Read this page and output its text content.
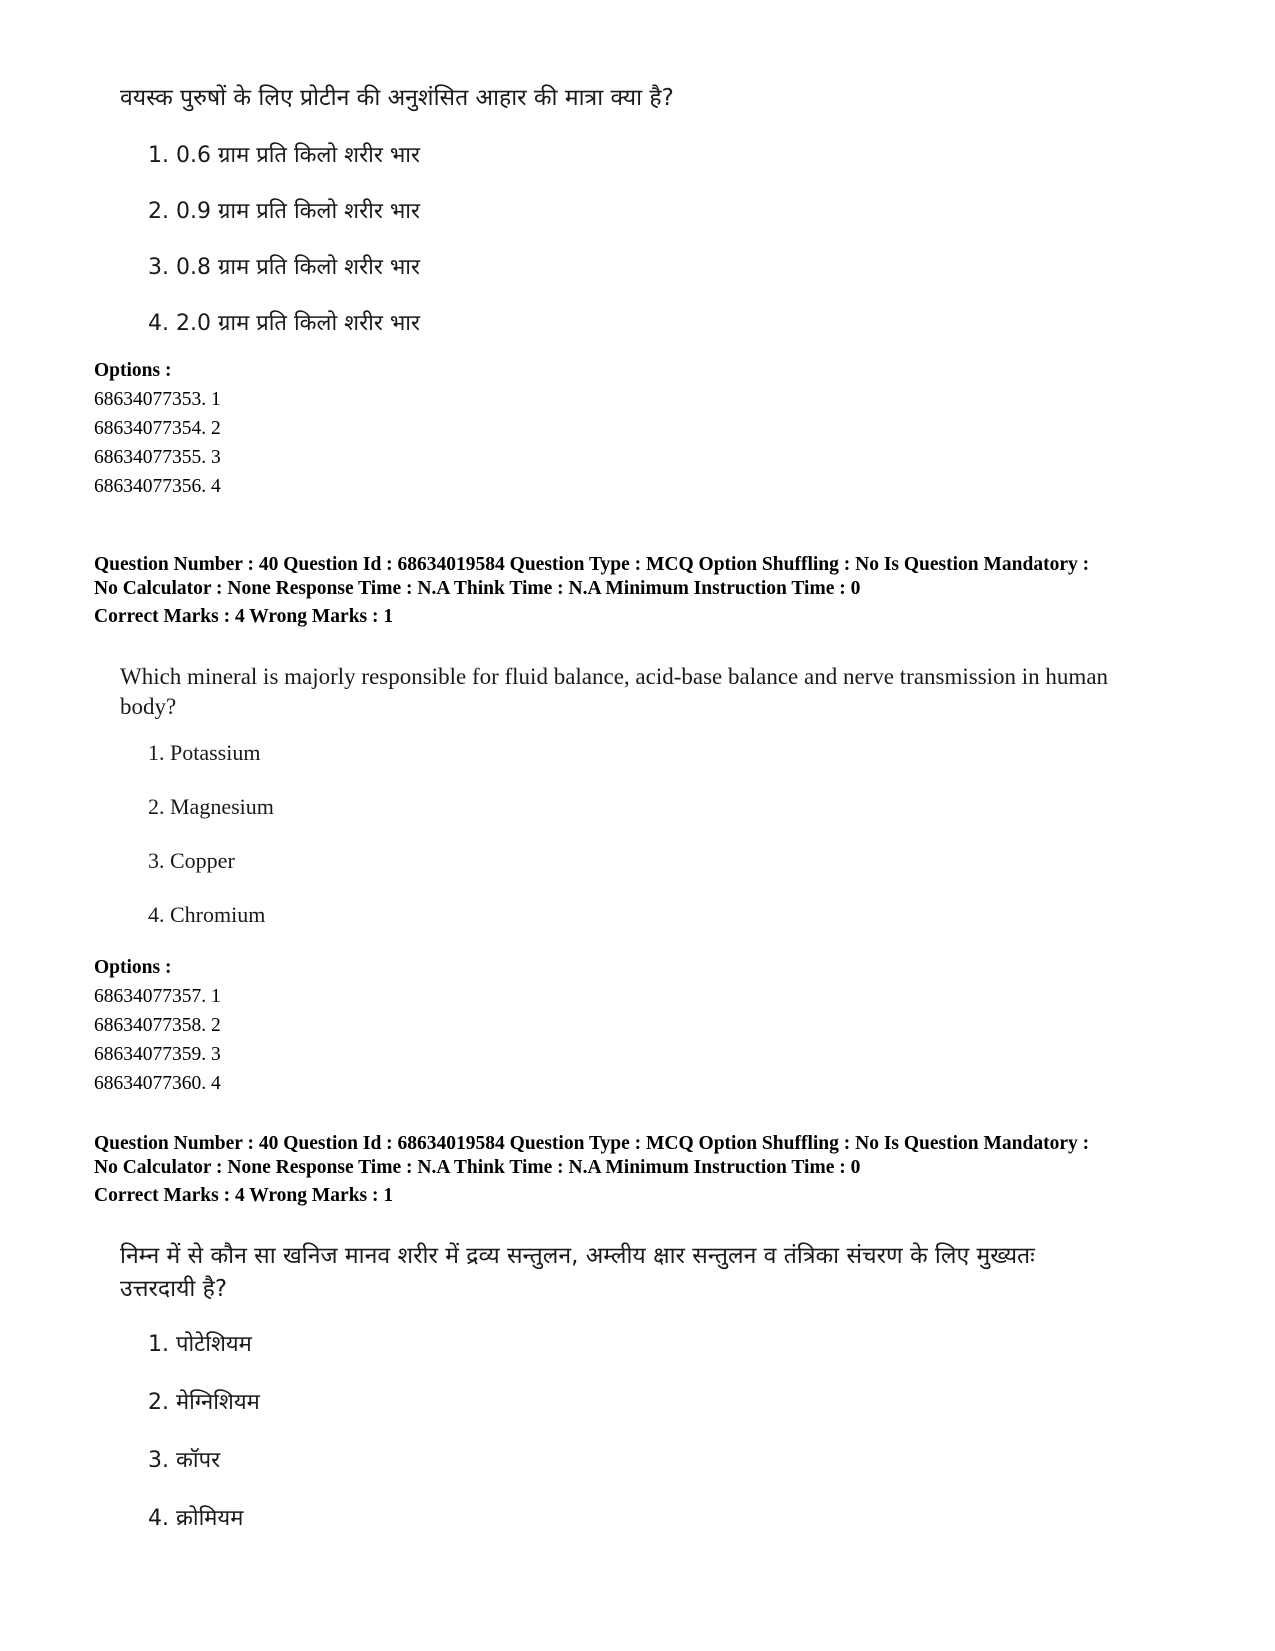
वयस्क पुरुषों के लिए प्रोटीन की अनुशंसित आहार की मात्रा क्या है?

1. 0.6 ग्राम प्रति किलो शरीर भार
2. 0.9 ग्राम प्रति किलो शरीर भार
3. 0.8 ग्राम प्रति किलो शरीर भार
4. 2.0 ग्राम प्रति किलो शरीर भार
Options :
68634077353. 1
68634077354. 2
68634077355. 3
68634077356. 4
Question Number : 40 Question Id : 68634019584 Question Type : MCQ Option Shuffling : No Is Question Mandatory :
No Calculator : None Response Time : N.A Think Time : N.A Minimum Instruction Time : 0
Correct Marks : 4 Wrong Marks : 1

Which mineral is majorly responsible for fluid balance, acid-base balance and nerve transmission in human

body?

1. Potassium
2. Magnesium
3. Copper
4. Chromium
Options :
68634077357. 1
68634077358. 2
68634077359. 3
68634077360. 4
Question Number : 40 Question Id : 68634019584 Question Type : MCQ Option Shuffling : No Is Question Mandatory :
No Calculator : None Response Time : N.A Think Time : N.A Minimum Instruction Time : 0
Correct Marks : 4 Wrong Marks : 1

निम्न में से कौन सा खनिज मानव शरीर में द्रव्य सन्तुलन, अम्लीय क्षार सन्तुलन व तंत्रिका संचरण के लिए मुख्यतः

उत्तरदायी है?

1. पोटेशियम
2. मेग्निशियम
3. कॉपर
4. क्रोमियम
